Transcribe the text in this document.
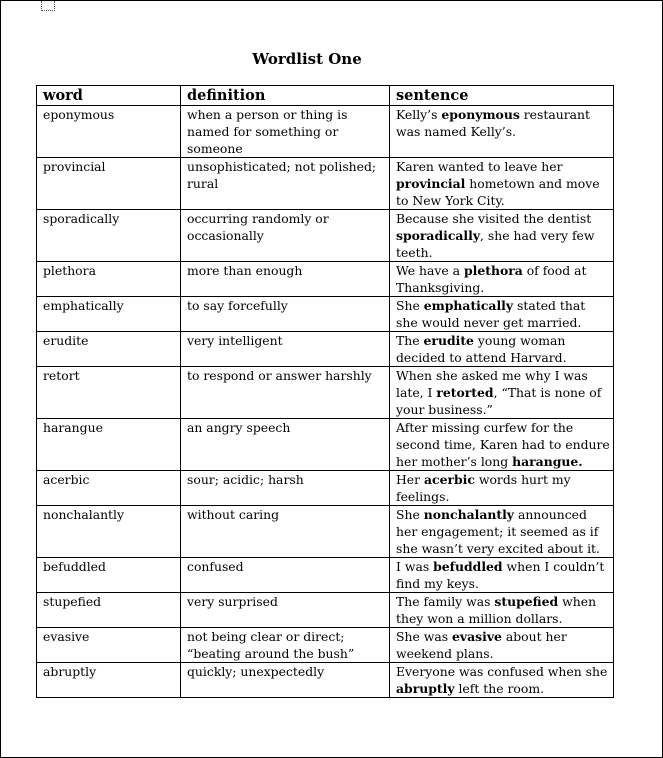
Wordlist One
word	definition	sentence
eponymous	when a person or thing is named for something or someone	Kelly’s eponymous restaurant was named Kelly’s.
provincial	unsophisticated; not polished; rural	Karen wanted to leave her provincial hometown and move to New York City.
sporadically	occurring randomly or occasionally	Because she visited the dentist sporadically, she had very few teeth.
plethora	more than enough	We have a plethora of food at Thanksgiving.
emphatically	to say forcefully	She emphatically stated that she would never get married.
erudite	very intelligent	The erudite young woman decided to attend Harvard.
retort	to respond or answer harshly	When she asked me why I was late, I retorted, “That is none of your business.”
harangue	an angry speech	After missing curfew for the second time, Karen had to endure her mother’s long harangue.
acerbic	sour; acidic; harsh	Her acerbic words hurt my feelings.
nonchalantly	without caring	She nonchalantly announced her engagement; it seemed as if she wasn’t very excited about it.
befuddled	confused	I was befuddled when I couldn’t find my keys.
stupefied	very surprised	The family was stupefied when they won a million dollars.
evasive	not being clear or direct; “beating around the bush”	She was evasive about her weekend plans.
abruptly	quickly; unexpectedly	Everyone was confused when she abruptly left the room.
